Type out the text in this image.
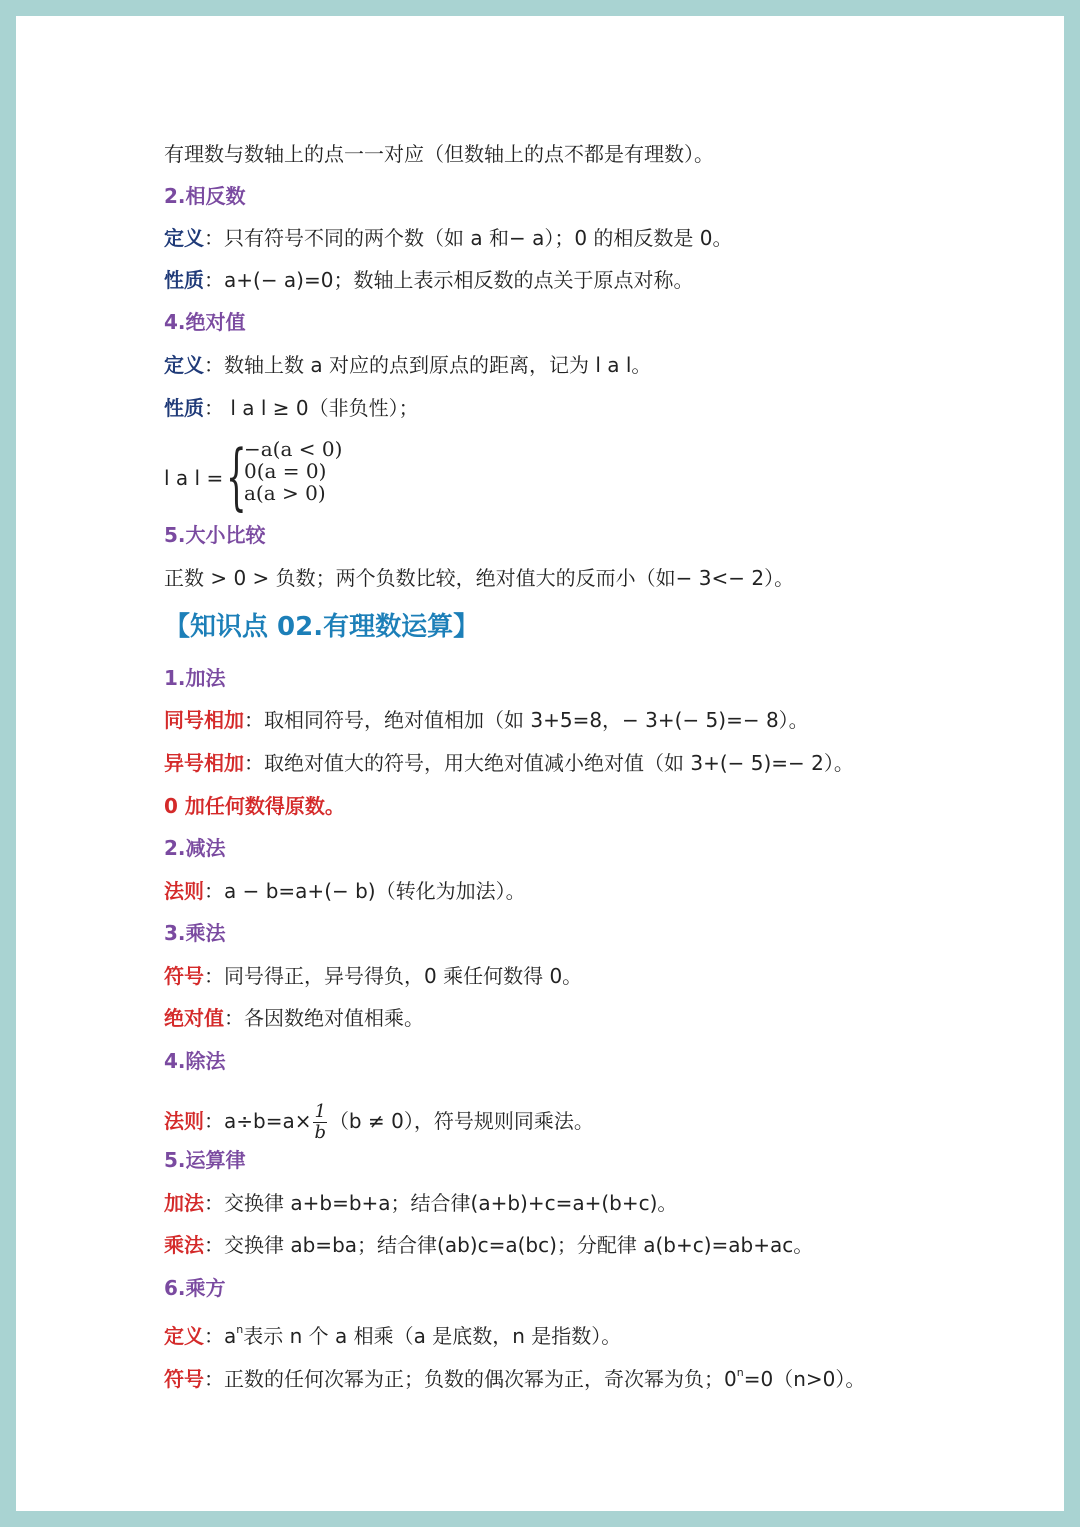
有理数与数轴上的点一一对应（但数轴上的点不都是有理数）。
2.相反数
定义：只有符号不同的两个数（如 a 和− a）；0 的相反数是 0。
性质：a+(− a)=0；数轴上表示相反数的点关于原点对称。
4.绝对值
定义：数轴上数 a 对应的点到原点的距离，记为 l a l。
性质： l a l ≥ 0（非负性）；
l a l = {
−a(a < 0)
0(a = 0)
a(a > 0)
5.大小比较
正数 > 0 > 负数；两个负数比较，绝对值大的反而小（如− 3<− 2）。
【知识点 02.有理数运算】
1.加法
同号相加：取相同符号，绝对值相加（如 3+5=8，− 3+(− 5)=− 8）。
异号相加：取绝对值大的符号，用大绝对值减小绝对值（如 3+(− 5)=− 2）。
0 加任何数得原数。
2.减法
法则：a − b=a+(− b)（转化为加法）。
3.乘法
符号：同号得正，异号得负，0 乘任何数得 0。
绝对值：各因数绝对值相乘。
4.除法
法则：$a\div b=a\times \frac{1}{b} (b \ne 0)$，符号规则同乘法。
5.运算律
加法：交换律 a+b=b+a；结合律(a+b)+c=a+(b+c)。
乘法：交换律 ab=ba；结合律(ab)c=a(bc)；分配律 a(b+c)=ab+ac。
6.乘方
定义：$a^n$表示 n 个 a 相乘（a 是底数，n 是指数）。
符号：正数的任何次幂为正；负数的偶次幂为正，奇次幂为负；$0^n=0(n>0)$。
